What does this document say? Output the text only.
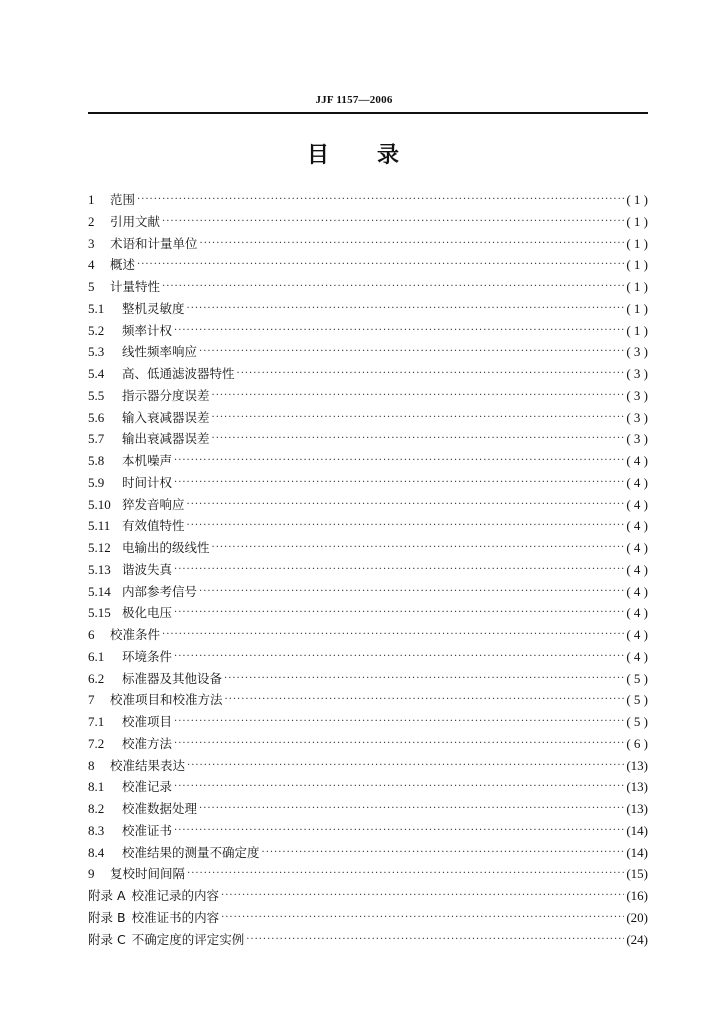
JJF 1157—2006
目 录
1	范围 ·····	( 1 )
2	引用文献 ·····	( 1 )
3	术语和计量单位 ·····	( 1 )
4	概述 ·····	( 1 )
5	计量特性 ·····	( 1 )
5.1	整机灵敏度 ·····	( 1 )
5.2	频率计权 ·····	( 1 )
5.3	线性频率响应 ·····	( 3 )
5.4	高、低通滤波器特性 ·····	( 3 )
5.5	指示器分度误差 ·····	( 3 )
5.6	输入衰减器误差 ·····	( 3 )
5.7	输出衰减器误差 ·····	( 3 )
5.8	本机噪声 ·····	( 4 )
5.9	时间计权 ·····	( 4 )
5.10 猝发音响应 ·····	( 4 )
5.11 有效值特性 ·····	( 4 )
5.12 电输出的级线性 ·····	( 4 )
5.13 谐波失真 ·····	( 4 )
5.14 内部参考信号 ·····	( 4 )
5.15 极化电压 ·····	( 4 )
6	校准条件 ·····	( 4 )
6.1	环境条件 ·····	( 4 )
6.2	标准器及其他设备 ·····	( 5 )
7	校准项目和校准方法 ·····	( 5 )
7.1	校准项目 ·····	( 5 )
7.2	校准方法 ·····	( 6 )
8	校准结果表达 ·····	(13)
8.1	校准记录 ·····	(13)
8.2	校准数据处理 ·····	(13)
8.3	校准证书 ·····	(14)
8.4	校准结果的测量不确定度 ·····	(14)
9	复校时间间隔 ·····	(15)
附录 A 校准记录的内容 ·····	(16)
附录 B 校准证书的内容 ·····	(20)
附录 C 不确定度的评定实例 ·····	(24)
